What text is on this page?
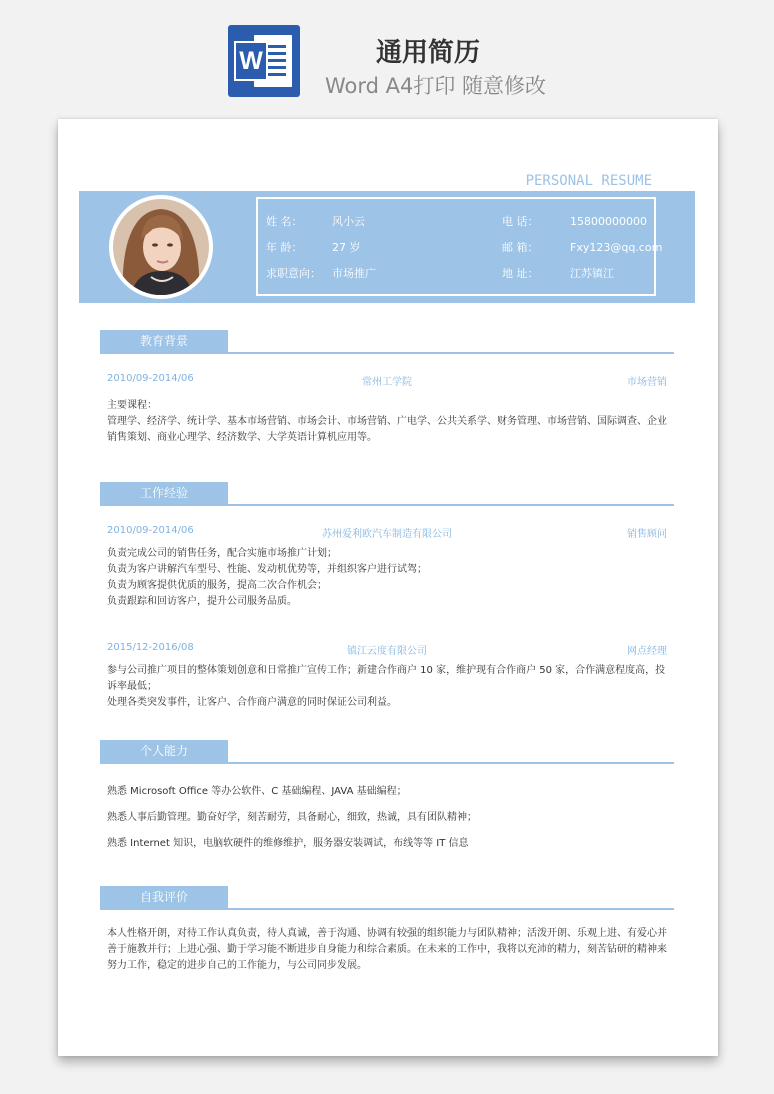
W	通用简历
Word A4打印 随意修改
PERSONAL RESUME
姓 名：	风小云	电 话：	15800000000
年 龄：	27 岁	邮 箱：	Fxy123@qq.com
求职意向： 市场推广	地 址：	江苏镇江
教育背景
2010/09-2014/06	常州工学院	市场营销

主要课程：

管理学、经济学、统计学、基本市场营销、市场会计、市场营销、广电学、公共关系学、财务管理、市场营销、国际调查、企业销售策划、商业心理学、经济数学、大学英语计算机应用等。

工作经验
2010/09-2014/06	苏州爱利欧汽车制造有限公司	销售顾问

负责完成公司的销售任务，配合实施市场推广计划；

负责为客户讲解汽车型号、性能、发动机优势等，并组织客户进行试驾；

负责为顾客提供优质的服务，提高二次合作机会；

负责跟踪和回访客户，提升公司服务品质。

2015/12-2016/08	镇江云度有限公司	网点经理

参与公司推广项目的整体策划创意和日常推广宣传工作；新建合作商户 10 家，维护现有合作商户 50 家，合作满意程度高，投诉率最低；

处理各类突发事件，让客户、合作商户满意的同时保证公司利益。

个人能力

熟悉 Microsoft Office 等办公软件、C 基础编程、JAVA 基础编程；

熟悉人事后勤管理。勤奋好学，刻苦耐劳，具备耐心，细致，热诚，具有团队精神；

熟悉 Internet 知识，电脑软硬件的维修维护，服务器安装调试，布线等等 IT 信息

自我评价

本人性格开朗，对待工作认真负责，待人真诚，善于沟通、协调有较强的组织能力与团队精神；活泼开朗、乐观上进、有爱心并善于施教并行；上进心强、勤于学习能不断进步自身能力和综合素质。在未来的工作中，我将以充沛的精力，刻苦钻研的精神来努力工作，稳定的进步自己的工作能力，与公司同步发展。
